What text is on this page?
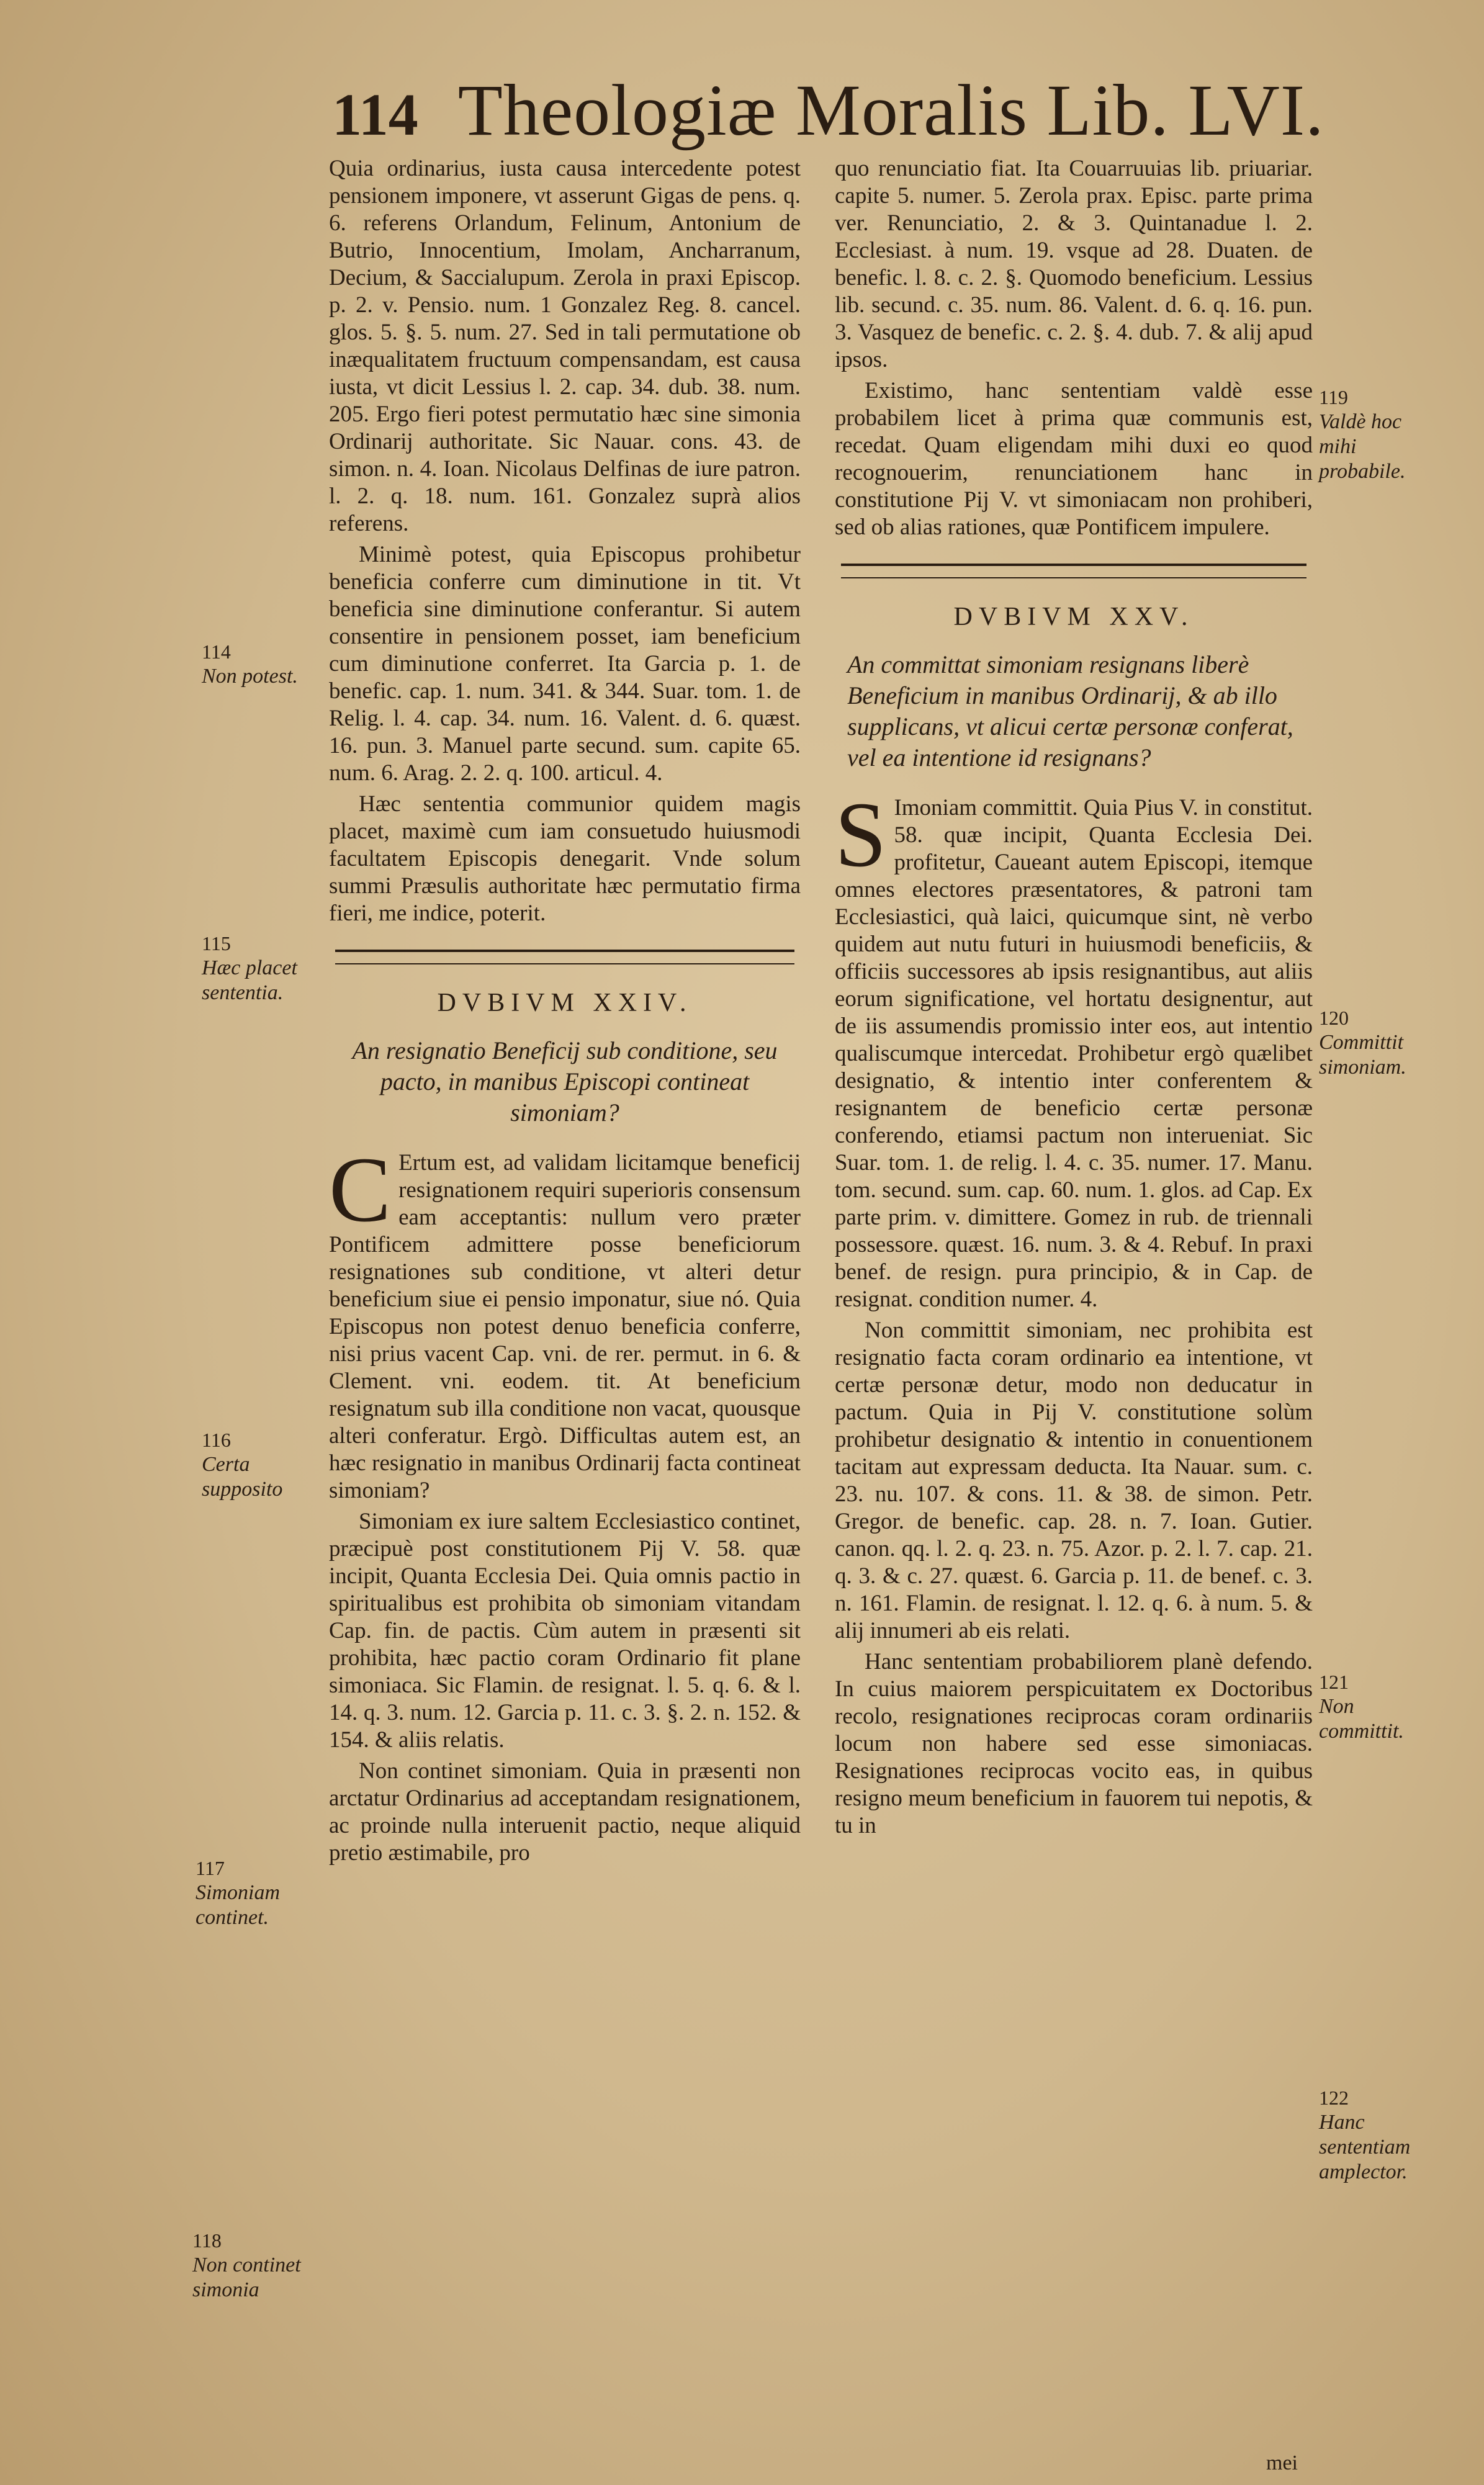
114 Theologiæ Moralis Lib. LVI.

Quia ordinarius, iusta causa intercedente potest pensionem imponere, vt asserunt Gigas de pens. q. 6. referens Orlandum, Felinum, Antonium de Butrio, Innocentium, Imolam, Ancharranum, Decium, & Saccialupum. Zerola in praxi Episcop. p. 2. v. Pensio. num. 1 Gonzalez Reg. 8. cancel. glos. 5. §. 5. num. 27. Sed in tali permutatione ob inæqualitatem fructuum compensandam, est causa iusta, vt dicit Lessius l. 2. cap. 34. dub. 38. num. 205. Ergo fieri potest permutatio hæc sine simonia Ordinarij authoritate. Sic Nauar. cons. 43. de simon. n. 4. Ioan. Nicolaus Delfinas de iure patron. l. 2. q. 18. num. 161. Gonzalez suprà alios referens.

Minimè potest, quia Episcopus prohibetur beneficia conferre cum diminutione in tit. Vt beneficia sine diminutione conferantur. Si autem consentire in pensionem posset, iam beneficium cum diminutione conferret. Ita Garcia p. 1. de benefic. cap. 1. num. 341. & 344. Suar. tom. 1. de Relig. l. 4. cap. 34. num. 16. Valent. d. 6. quæst. 16. pun. 3. Manuel parte secund. sum. capite 65. num. 6. Arag. 2. 2. q. 100. articul. 4.

Hæc sententia communior quidem magis placet, maximè cum iam consuetudo huiusmodi facultatem Episcopis denegarit. Vnde solum summi Præsulis authoritate hæc permutatio firma fieri, me indice, poterit.

DVBIVM XXIV.
An resignatio Beneficij sub conditione, seu pacto, in manibus Episcopi contineat simoniam?

C Ertum est, ad validam licitamque beneficij resignationem requiri superioris consensum eam acceptantis: nullum vero præter Pontificem admittere posse beneficiorum resignationes sub conditione, vt alteri detur beneficium siue ei pensio imponatur, siue nó. Quia Episcopus non potest denuo beneficia conferre, nisi prius vacent Cap. vni. de rer. permut. in 6. & Clement. vni. eodem. tit. At beneficium resignatum sub illa conditione non vacat, quousque alteri conferatur. Ergò. Difficultas autem est, an hæc resignatio in manibus Ordinarij facta contineat simoniam?

Simoniam ex iure saltem Ecclesiastico continet, præcipuè post constitutionem Pij V. 58. quæ incipit, Quanta Ecclesia Dei. Quia omnis pactio in spiritualibus est prohibita ob simoniam vitandam Cap. fin. de pactis. Cùm autem in præsenti sit prohibita, hæc pactio coram Ordinario fit plane simoniaca. Sic Flamin. de resignat. l. 5. q. 6. & l. 14. q. 3. num. 12. Garcia p. 11. c. 3. §. 2. n. 152. & 154. & aliis relatis.

Non continet simoniam. Quia in præsenti non arctatur Ordinarius ad acceptandam resignationem, ac proinde nulla interuenit pactio, neque aliquid pretio æstimabile, pro

quo renunciatio fiat. Ita Couarruuias lib. priuariar. capite 5. numer. 5. Zerola prax. Episc. parte prima ver. Renunciatio, 2. & 3. Quintanadue l. 2. Ecclesiast. à num. 19. vsque ad 28. Duaten. de benefic. l. 8. c. 2. §. Quomodo beneficium. Lessius lib. secund. c. 35. num. 86. Valent. d. 6. q. 16. pun. 3. Vasquez de benefic. c. 2. §. 4. dub. 7. & alij apud ipsos.

Existimo, hanc sententiam valdè esse probabilem licet à prima quæ communis est, recedat. Quam eligendam mihi duxi eo quod recognouerim, renunciationem hanc in constitutione Pij V. vt simoniacam non prohiberi, sed ob alias rationes, quæ Pontificem impulere.

DVBIVM XXV.
An committat simoniam resignans liberè Beneficium in manibus Ordinarij, & ab illo supplicans, vt alicui certæ personæ conferat, vel ea intentione id resignans?

S Imoniam committit. Quia Pius V. in constitut. 58. quæ incipit, Quanta Ecclesia Dei. profitetur, Caueant autem Episcopi, itemque omnes electores præsentatores, & patroni tam Ecclesiastici, quà laici, quicumque sint, nè verbo quidem aut nutu futuri in huiusmodi beneficiis, & officiis successores ab ipsis resignantibus, aut aliis eorum significatione, vel hortatu designentur, aut de iis assumendis promissio inter eos, aut intentio qualiscumque intercedat. Prohibetur ergò quælibet designatio, & intentio inter conferentem & resignantem de beneficio certæ personæ conferendo, etiamsi pactum non interueniat. Sic Suar. tom. 1. de relig. l. 4. c. 35. numer. 17. Manu. tom. secund. sum. cap. 60. num. 1. glos. ad Cap. Ex parte prim. v. dimittere. Gomez in rub. de triennali possessore. quæst. 16. num. 3. & 4. Rebuf. In praxi benef. de resign. pura principio, & in Cap. de resignat. condition numer. 4.

Non committit simoniam, nec prohibita est resignatio facta coram ordinario ea intentione, vt certæ personæ detur, modo non deducatur in pactum. Quia in Pij V. constitutione solùm prohibetur designatio & intentio in conuentionem tacitam aut expressam deducta. Ita Nauar. sum. c. 23. nu. 107. & cons. 11. & 38. de simon. Petr. Gregor. de benefic. cap. 28. n. 7. Ioan. Gutier. canon. qq. l. 2. q. 23. n. 75. Azor. p. 2. l. 7. cap. 21. q. 3. & c. 27. quæst. 6. Garcia p. 11. de benef. c. 3. n. 161. Flamin. de resignat. l. 12. q. 6. à num. 5. & alij innumeri ab eis relati.

Hanc sententiam probabiliorem planè defendo. In cuius maiorem perspicuitatem ex Doctoribus recolo, resignationes reciprocas coram ordinariis locum non habere sed esse simoniacas. Resignationes reciprocas vocito eas, in quibus resigno meum beneficium in fauorem tui nepotis, & tu in

114
Non potest.
115
Hæc placet sententia.
116
Certa supposito
117
Simoniam continet.
118
Non continet simonia
119
Valdè hoc mihi probabile.
120
Committit simoniam.
121
Non committit.
122
Hanc sententiam amplector.
mei
